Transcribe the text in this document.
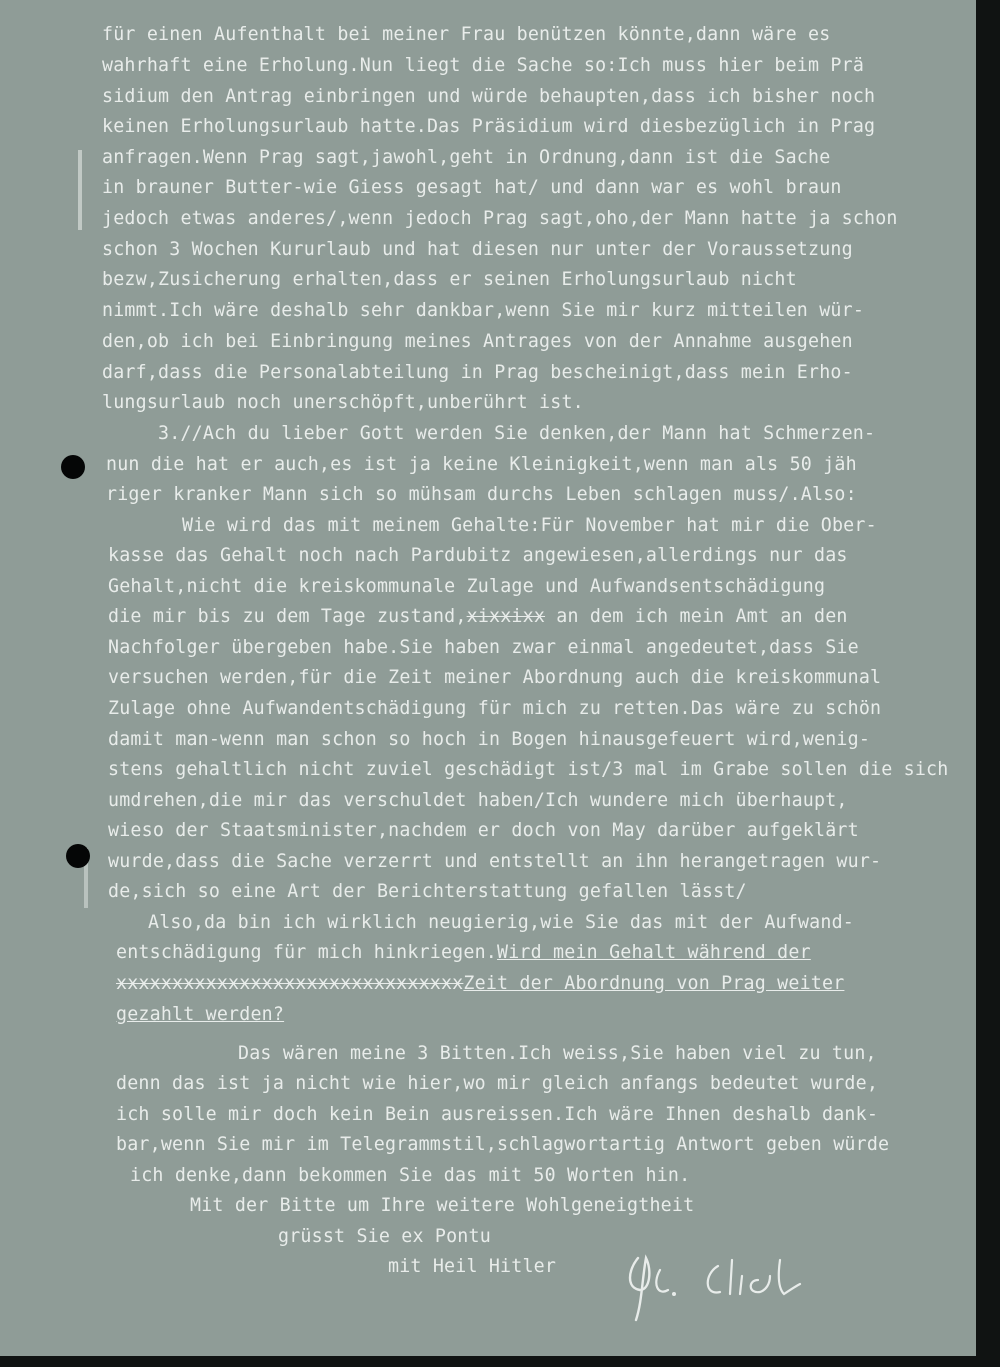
für einen Aufenthalt bei meiner Frau benützen könnte,dann wäre es
wahrhaft eine Erholung.Nun liegt die Sache so:Ich muss hier beim Prä
sidium den Antrag einbringen und würde behaupten,dass ich bisher noch
keinen Erholungsurlaub hatte.Das Präsidium wird diesbezüglich in Prag
anfragen.Wenn Prag sagt,jawohl,geht in Ordnung,dann ist die Sache
in brauner Butter-wie Giess gesagt hat/ und dann war es wohl braun
jedoch etwas anderes/,wenn jedoch Prag sagt,oho,der Mann hatte ja schon
schon 3 Wochen Kururlaub und hat diesen nur unter der Voraussetzung
bezw,Zusicherung erhalten,dass er seinen Erholungsurlaub nicht
nimmt.Ich wäre deshalb sehr dankbar,wenn Sie mir kurz mitteilen wür-
den,ob ich bei Einbringung meines Antrages von der Annahme ausgehen
darf,dass die Personalabteilung in Prag bescheinigt,dass mein Erho-
lungsurlaub noch unerschöpft,unberührt ist.
3.//Ach du lieber Gott werden Sie denken,der Mann hat Schmerzen-
nun die hat er auch,es ist ja keine Kleinigkeit,wenn man als 50 jäh
riger kranker Mann sich so mühsam durchs Leben schlagen muss/.Also:
Wie wird das mit meinem Gehalte:Für November hat mir die Ober-
kasse das Gehalt noch nach Pardubitz angewiesen,allerdings nur das
Gehalt,nicht die kreiskommunale Zulage und Aufwandsentschädigung
die mir bis zu dem Tage zustand,xixxixx an dem ich mein Amt an den
Nachfolger übergeben habe.Sie haben zwar einmal angedeutet,dass Sie
versuchen werden,für die Zeit meiner Abordnung auch die kreiskommunal
Zulage ohne Aufwandentschädigung für mich zu retten.Das wäre zu schön
damit man-wenn man schon so hoch in Bogen hinausgefeuert wird,wenig-
stens gehaltlich nicht zuviel geschädigt ist/3 mal im Grabe sollen die sich
umdrehen,die mir das verschuldet haben/Ich wundere mich überhaupt,
wieso der Staatsminister,nachdem er doch von May darüber aufgeklärt
wurde,dass die Sache verzerrt und entstellt an ihn herangetragen wur-
de,sich so eine Art der Berichterstattung gefallen lässt/
Also,da bin ich wirklich neugierig,wie Sie das mit der Aufwand-
entschädigung für mich hinkriegen.Wird mein Gehalt während der
xxxxxxxxxxxxxxxxxxxxxxxxxxxxxxxZeit der Abordnung von Prag weiter
gezahlt werden?
Das wären meine 3 Bitten.Ich weiss,Sie haben viel zu tun,
denn das ist ja nicht wie hier,wo mir gleich anfangs bedeutet wurde,
ich solle mir doch kein Bein ausreissen.Ich wäre Ihnen deshalb dank-
bar,wenn Sie mir im Telegrammstil,schlagwortartig Antwort geben würde
ich denke,dann bekommen Sie das mit 50 Worten hin.
Mit der Bitte um Ihre weitere Wohlgeneigtheit
grüsst Sie ex Pontu
mit Heil Hitler
